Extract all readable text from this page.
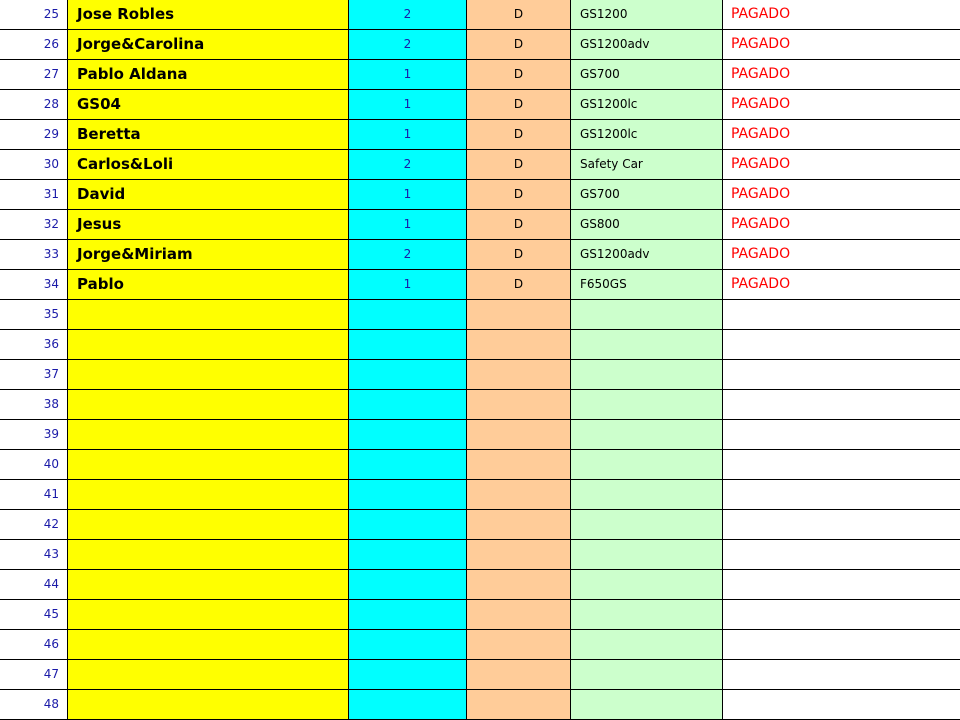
25	Jose Robles	2	D	GS1200	PAGADO
26	Jorge&Carolina	2	D	GS1200adv	PAGADO
27	Pablo Aldana	1	D	GS700	PAGADO
28	GS04	1	D	GS1200lc	PAGADO
29	Beretta	1	D	GS1200lc	PAGADO
30	Carlos&Loli	2	D	Safety Car	PAGADO
31	David	1	D	GS700	PAGADO
32	Jesus	1	D	GS800	PAGADO
33	Jorge&Miriam	2	D	GS1200adv	PAGADO
34	Pablo	1	D	F650GS	PAGADO
35					
36					
37					
38					
39					
40					
41					
42					
43					
44					
45					
46					
47					
48					
